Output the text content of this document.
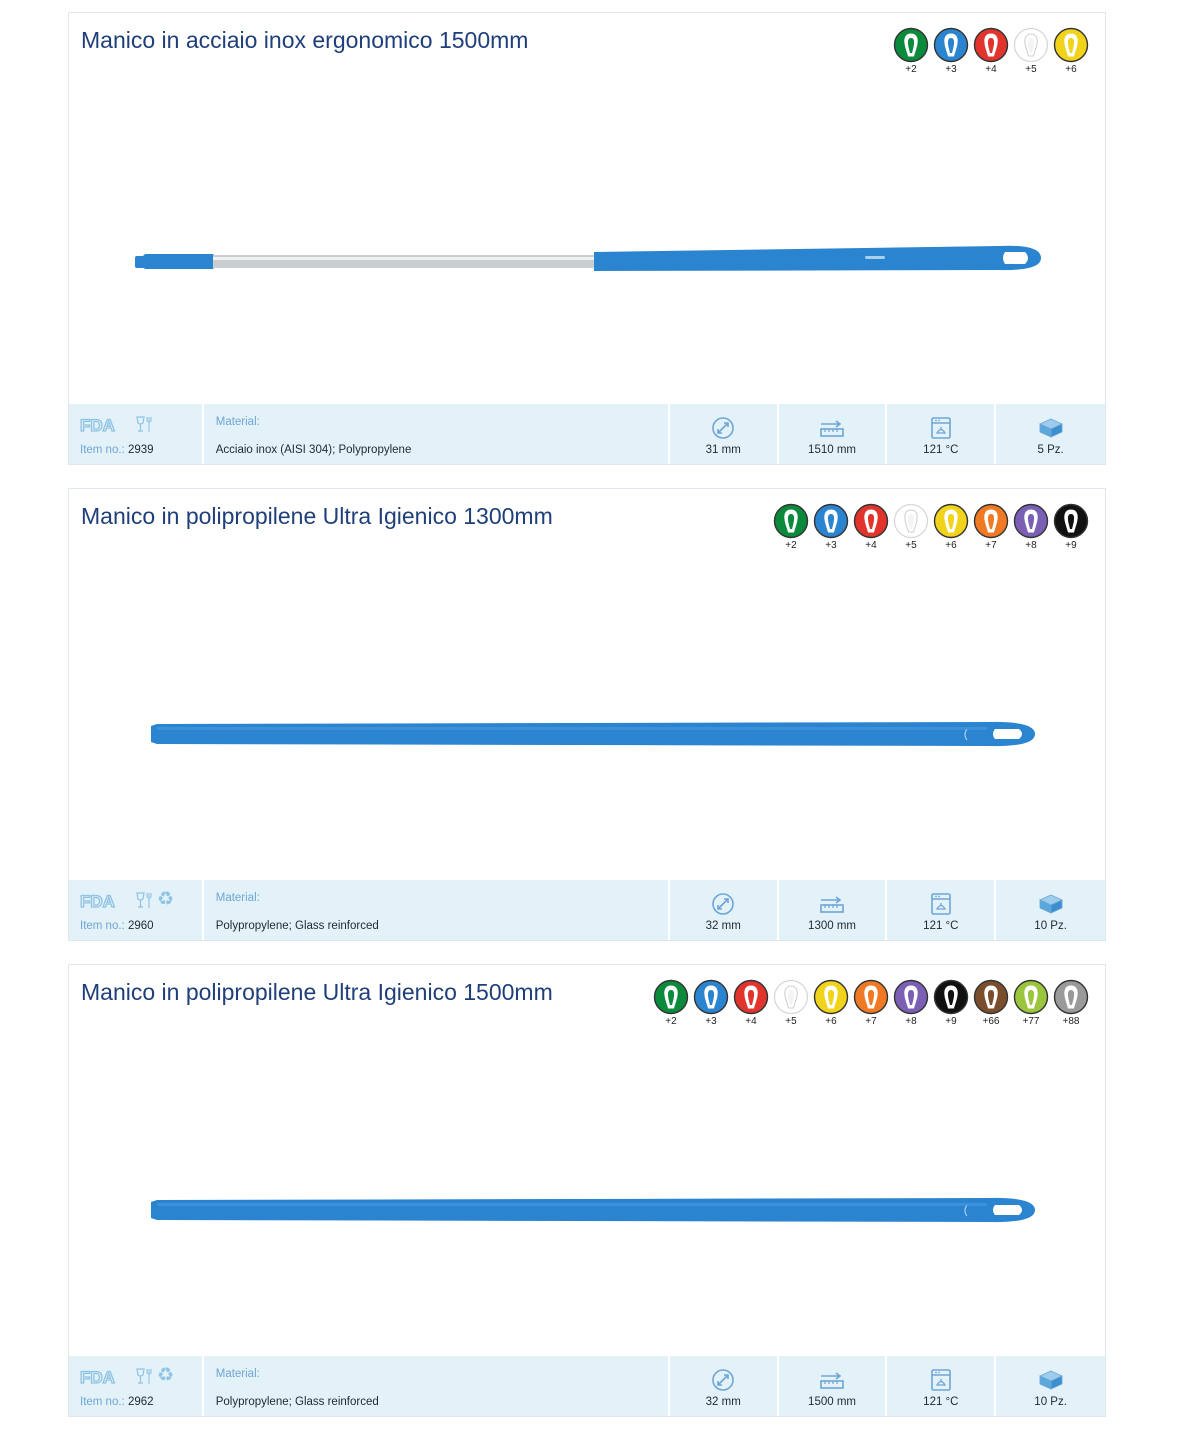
Manico in acciaio inox ergonomico 1500mm
+2	+3	+4	+5	+6
FDA
Item no.: 2939
Material:
Acciaio inox (AISI 304); Polypropylene	31 mm	1510 mm	121 °C	5 Pz.
Manico in polipropilene Ultra Igienico 1300mm
+2	+3	+4	+5	+6	+7	+8	+9
FDA ♻
Item no.: 2960
Material:
Polypropylene; Glass reinforced	32 mm	1300 mm	121 °C	10 Pz.
Manico in polipropilene Ultra Igienico 1500mm
+2	+3	+4	+5	+6	+7	+8	+9	+66 +77 +88
FDA ♻
Item no.: 2962
Material:
Polypropylene; Glass reinforced	32 mm	1500 mm	121 °C	10 Pz.
